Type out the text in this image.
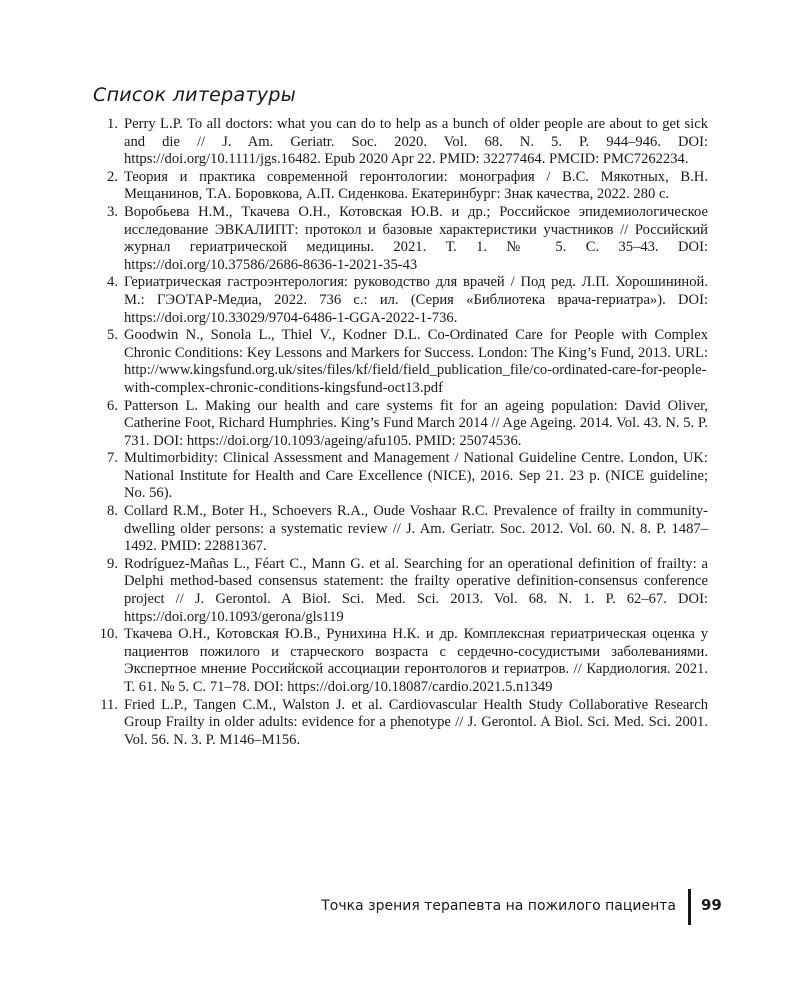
Список литературы
1. Perry L.P. To all doctors: what you can do to help as a bunch of older people are about to get sick and die // J. Am. Geriatr. Soc. 2020. Vol. 68. N. 5. P. 944–946. DOI: https://doi.org/10.1111/jgs.16482. Epub 2020 Apr 22. PMID: 32277464. PMCID: PMC7262234.
2. Теория и практика современной геронтологии: монография / В.С. Мякотных, В.Н. Мещанинов, Т.А. Боровкова, А.П. Сиденкова. Екатеринбург: Знак качества, 2022. 280 с.
3. Воробьева Н.М., Ткачева О.Н., Котовская Ю.В. и др.; Российское эпидемиологическое исследование ЭВКАЛИПТ: протокол и базовые характеристики участников // Российский журнал гериатрической медицины. 2021. Т. 1. № 5. С. 35–43. DOI: https://doi.org/10.37586/2686-8636-1-2021-35-43
4. Гериатрическая гастроэнтерология: руководство для врачей / Под ред. Л.П. Хорошининой. М.: ГЭОТАР-Медиа, 2022. 736 с.: ил. (Серия «Библиотека врача-гериатра»). DOI: https://doi.org/10.33029/9704-6486-1-GGA-2022-1-736.
5. Goodwin N., Sonola L., Thiel V., Kodner D.L. Co-Ordinated Care for People with Complex Chronic Conditions: Key Lessons and Markers for Success. London: The King’s Fund, 2013. URL: http://www.kingsfund.org.uk/sites/files/kf/field/field_publication_file/co-ordinated-care-for-people-with-complex-chronic-conditions-kingsfund-oct13.pdf
6. Patterson L. Making our health and care systems fit for an ageing population: David Oliver, Catherine Foot, Richard Humphries. King’s Fund March 2014 // Age Ageing. 2014. Vol. 43. N. 5. P. 731. DOI: https://doi.org/10.1093/ageing/afu105. PMID: 25074536.
7. Multimorbidity: Clinical Assessment and Management / National Guideline Centre. London, UK: National Institute for Health and Care Excellence (NICE), 2016. Sep 21. 23 p. (NICE guideline; No. 56).
8. Collard R.M., Boter H., Schoevers R.A., Oude Voshaar R.C. Prevalence of frailty in community-dwelling older persons: a systematic review // J. Am. Geriatr. Soc. 2012. Vol. 60. N. 8. P. 1487–1492. PMID: 22881367.
9. Rodríguez-Mañas L., Féart C., Mann G. et al. Searching for an operational definition of frailty: a Delphi method-based consensus statement: the frailty operative definition-consensus conference project // J. Gerontol. A Biol. Sci. Med. Sci. 2013. Vol. 68. N. 1. P. 62–67. DOI: https://doi.org/10.1093/gerona/gls119
10. Ткачева О.Н., Котовская Ю.В., Рунихина Н.К. и др. Комплексная гериатрическая оценка у пациентов пожилого и старческого возраста с сердечно-сосудистыми заболеваниями. Экспертное мнение Российской ассоциации геронтологов и гериатров. // Кардиология. 2021. Т. 61. № 5. С. 71–78. DOI: https://doi.org/10.18087/cardio.2021.5.n1349
11. Fried L.P., Tangen C.M., Walston J. et al. Cardiovascular Health Study Collaborative Research Group Frailty in older adults: evidence for a phenotype // J. Gerontol. A Biol. Sci. Med. Sci. 2001. Vol. 56. N. 3. P. M146–M156.
Точка зрения терапевта на пожилого пациента 99
